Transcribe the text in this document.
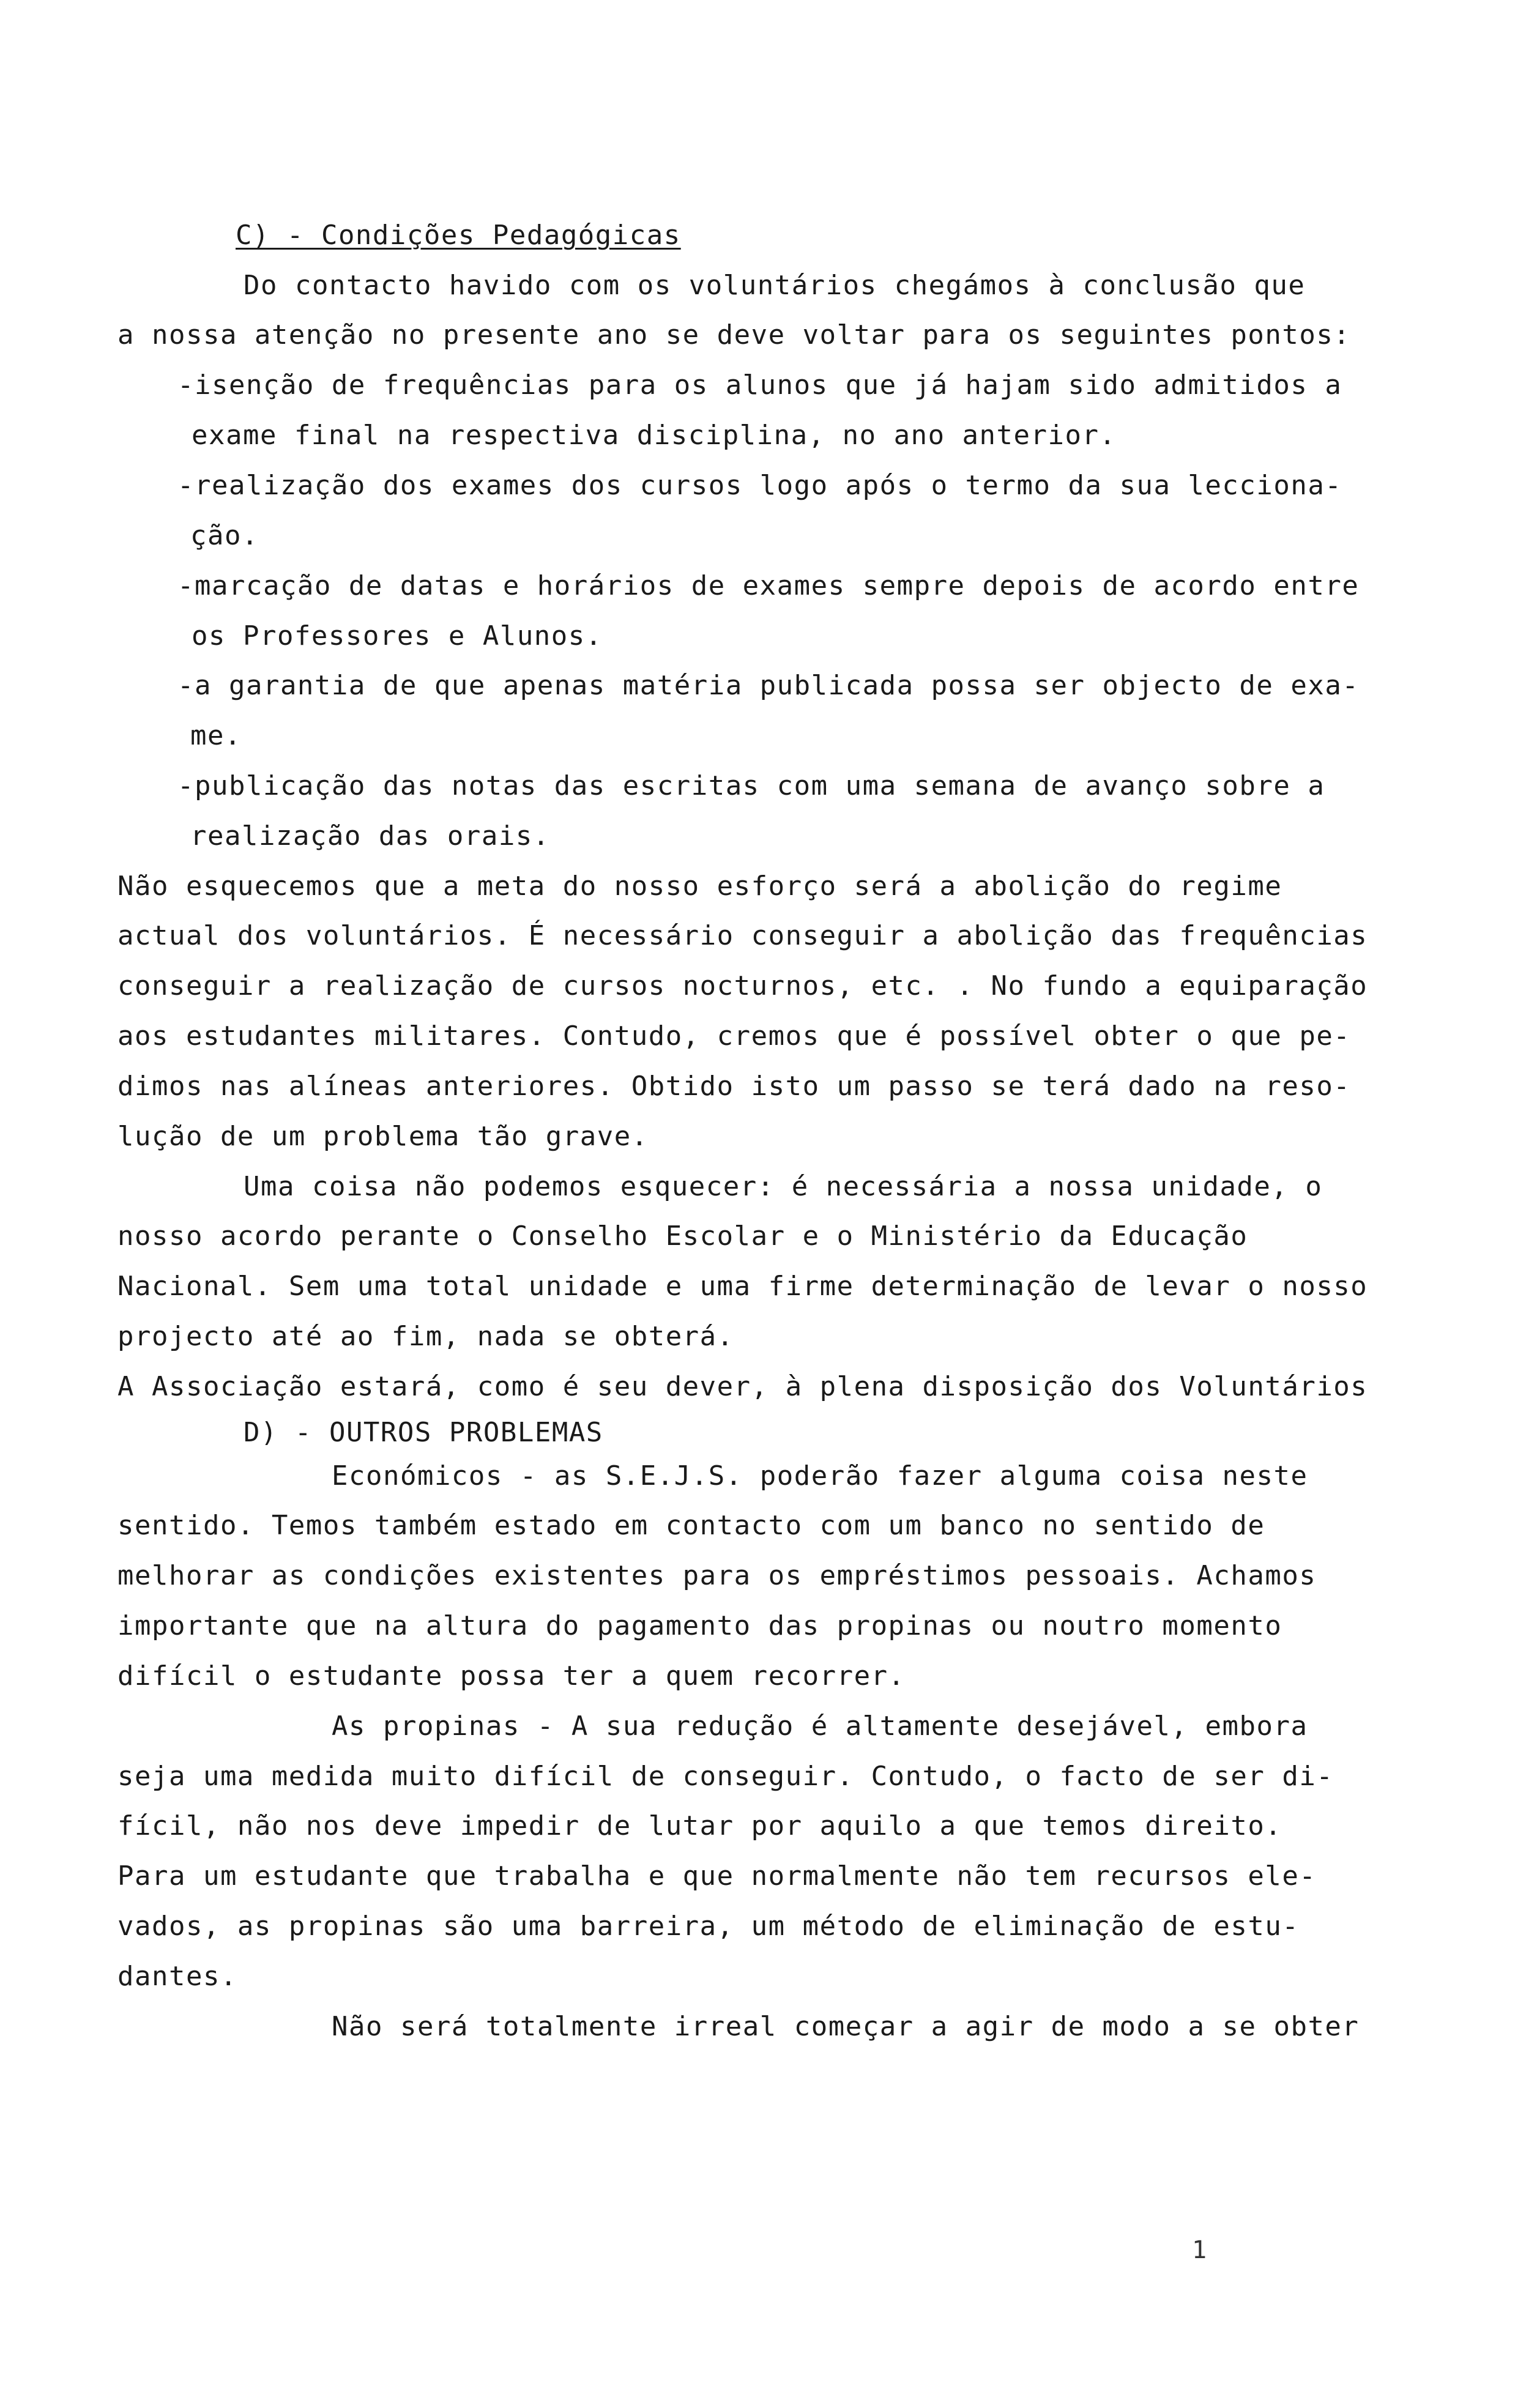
C) - Condições Pedagógicas
Do contacto havido com os voluntários chegámos à conclusão que
a nossa atenção no presente ano se deve voltar para os seguintes pontos:
-isenção de frequências para os alunos que já hajam sido admitidos a
exame final na respectiva disciplina, no ano anterior.
-realização dos exames dos cursos logo após o termo da sua lecciona-
ção.
-marcação de datas e horários de exames sempre depois de acordo entre
os Professores e Alunos.
-a garantia de que apenas matéria publicada possa ser objecto de exa-
me.
-publicação das notas das escritas com uma semana de avanço sobre a
realização das orais.
Não esquecemos que a meta do nosso esforço será a abolição do regime
actual dos voluntários. É necessário conseguir a abolição das frequências
conseguir a realização de cursos nocturnos, etc. . No fundo a equiparação
aos estudantes militares. Contudo, cremos que é possível obter o que pe-
dimos nas alíneas anteriores. Obtido isto um passo se terá dado na reso-
lução de um problema tão grave.
Uma coisa não podemos esquecer: é necessária a nossa unidade, o
nosso acordo perante o Conselho Escolar e o Ministério da Educação
Nacional. Sem uma total unidade e uma firme determinação de levar o nosso
projecto até ao fim, nada se obterá.
A Associação estará, como é seu dever, à plena disposição dos Voluntários
D) - OUTROS PROBLEMAS
Económicos - as S.E.J.S. poderão fazer alguma coisa neste
sentido. Temos também estado em contacto com um banco no sentido de
melhorar as condições existentes para os empréstimos pessoais. Achamos
importante que na altura do pagamento das propinas ou noutro momento
difícil o estudante possa ter a quem recorrer.
As propinas - A sua redução é altamente desejável, embora
seja uma medida muito difícil de conseguir. Contudo, o facto de ser di-
fícil, não nos deve impedir de lutar por aquilo a que temos direito.
Para um estudante que trabalha e que normalmente não tem recursos ele-
vados, as propinas são uma barreira, um método de eliminação de estu-
dantes.
Não será totalmente irreal começar a agir de modo a se obter
1
